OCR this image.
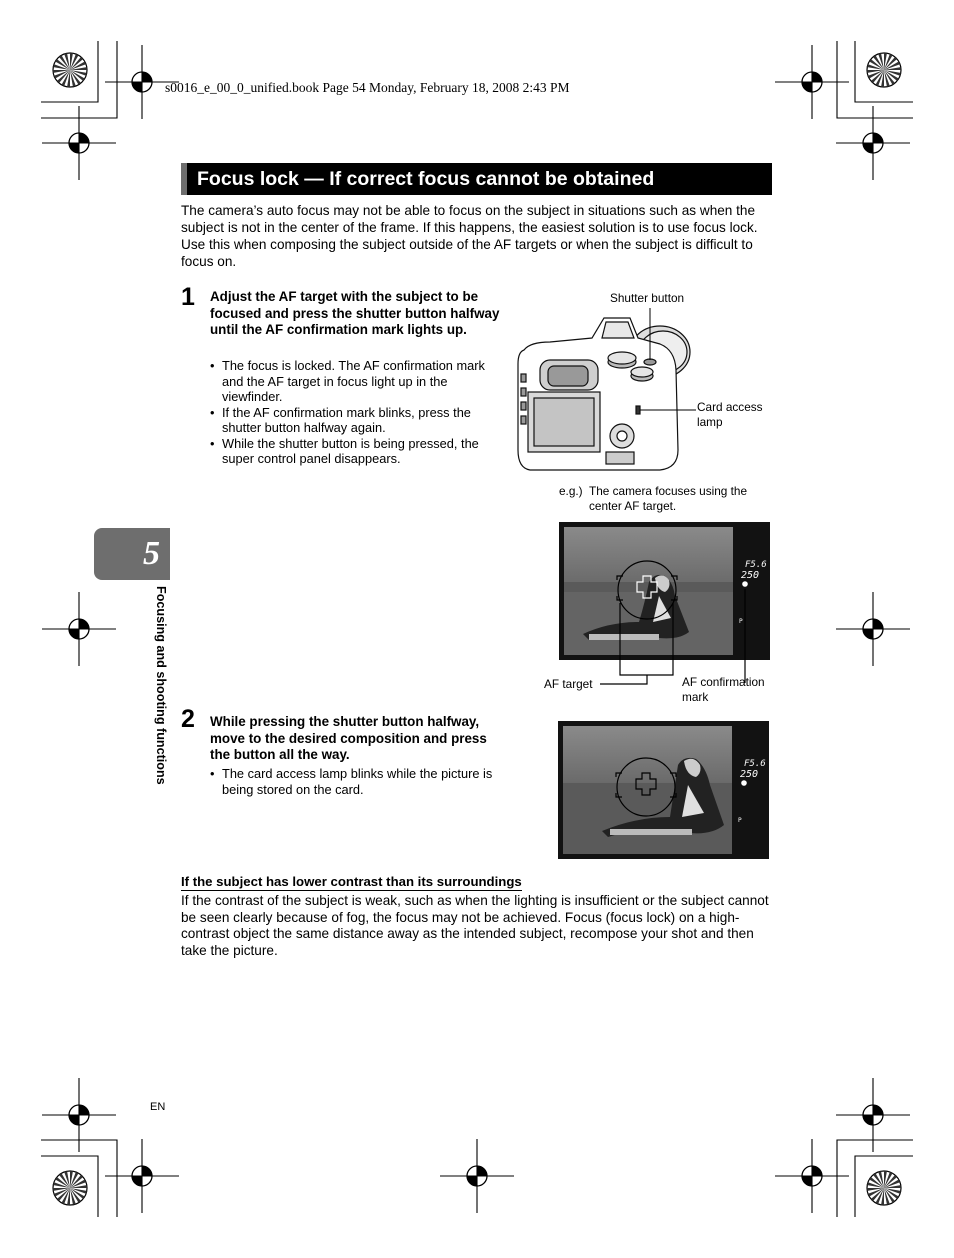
s0016_e_00_0_unified.book Page 54 Monday, February 18, 2008 2:43 PM
Focus lock — If correct focus cannot be obtained
The camera’s auto focus may not be able to focus on the subject in situations such as when the subject is not in the center of the frame. If this happens, the easiest solution is to use focus lock. Use this when composing the subject outside of the AF targets or when the subject is difficult to focus on.
1 Adjust the AF target with the subject to be focused and press the shutter button halfway until the AF confirmation mark lights up.
• The focus is locked. The AF confirmation mark and the AF target in focus light up in the viewfinder.
• If the AF confirmation mark blinks, press the shutter button halfway again.
• While the shutter button is being pressed, the super control panel disappears.
Shutter button
Card access lamp
e.g.) The camera focuses using the center AF target.
F5.6
250
P
AF target	AF confirmation mark
2 While pressing the shutter button halfway, move to the desired composition and press the button all the way.
• The card access lamp blinks while the picture is being stored on the card.
F5.6
250
P
5
Focusing and shooting functions
If the subject has lower contrast than its surroundings
If the contrast of the subject is weak, such as when the lighting is insufficient or the subject cannot be seen clearly because of fog, the focus may not be achieved. Focus (focus lock) on a high-contrast object the same distance away as the intended subject, recompose your shot and then take the picture.
EN
